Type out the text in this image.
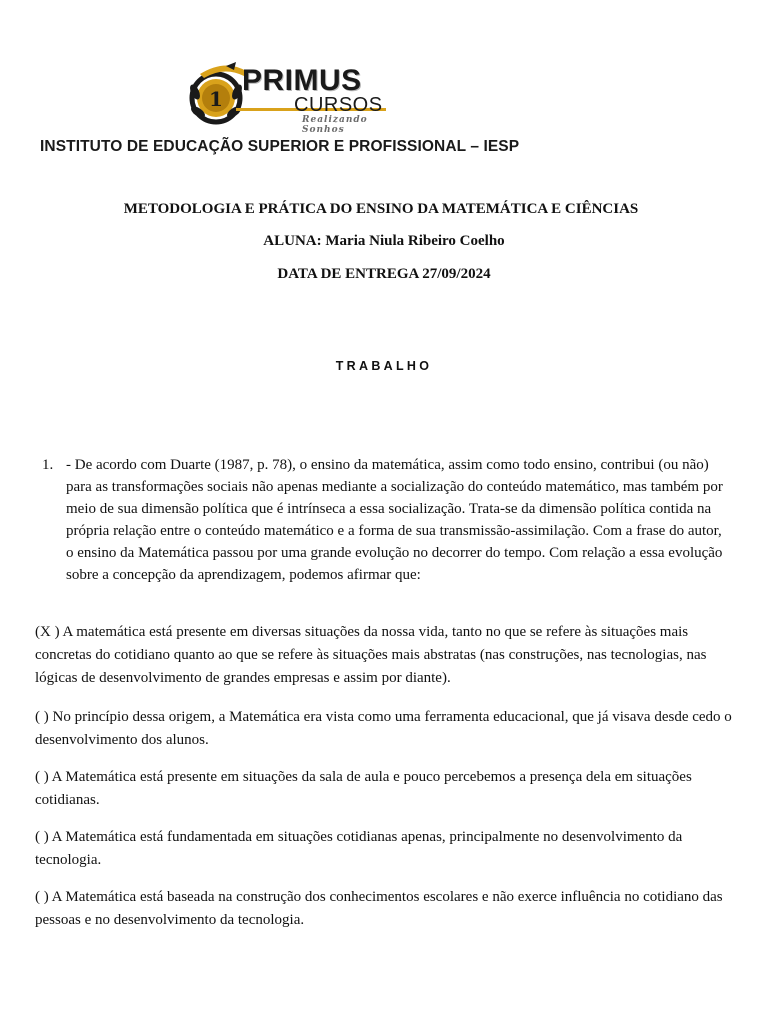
1
PRIMUS
CURSOS
Realizando Sonhos
INSTITUTO DE EDUCAÇÃO SUPERIOR E PROFISSIONAL – IESP
METODOLOGIA E PRÁTICA DO ENSINO DA MATEMÁTICA E CIÊNCIAS
ALUNA: Maria Niula Ribeiro Coelho
DATA DE ENTREGA 27/09/2024
TRABALHO
1. - De acordo com Duarte (1987, p. 78), o ensino da matemática, assim como todo ensino, contribui (ou não) para as transformações sociais não apenas mediante a socialização do conteúdo matemático, mas também por meio de sua dimensão política que é intrínseca a essa socialização. Trata-se da dimensão política contida na própria relação entre o conteúdo matemático e a forma de sua transmissão-assimilação. Com a frase do autor, o ensino da Matemática passou por uma grande evolução no decorrer do tempo. Com relação a essa evolução sobre a concepção da aprendizagem, podemos afirmar que:

(X ) A matemática está presente em diversas situações da nossa vida, tanto no que se refere às situações mais concretas do cotidiano quanto ao que se refere às situações mais abstratas (nas construções, nas tecnologias, nas lógicas de desenvolvimento de grandes empresas e assim por diante).

( ) No princípio dessa origem, a Matemática era vista como uma ferramenta educacional, que já visava desde cedo o desenvolvimento dos alunos.

( ) A Matemática está presente em situações da sala de aula e pouco percebemos a presença dela em situações cotidianas.

( ) A Matemática está fundamentada em situações cotidianas apenas, principalmente no desenvolvimento da tecnologia.

( ) A Matemática está baseada na construção dos conhecimentos escolares e não exerce influência no cotidiano das pessoas e no desenvolvimento da tecnologia.
